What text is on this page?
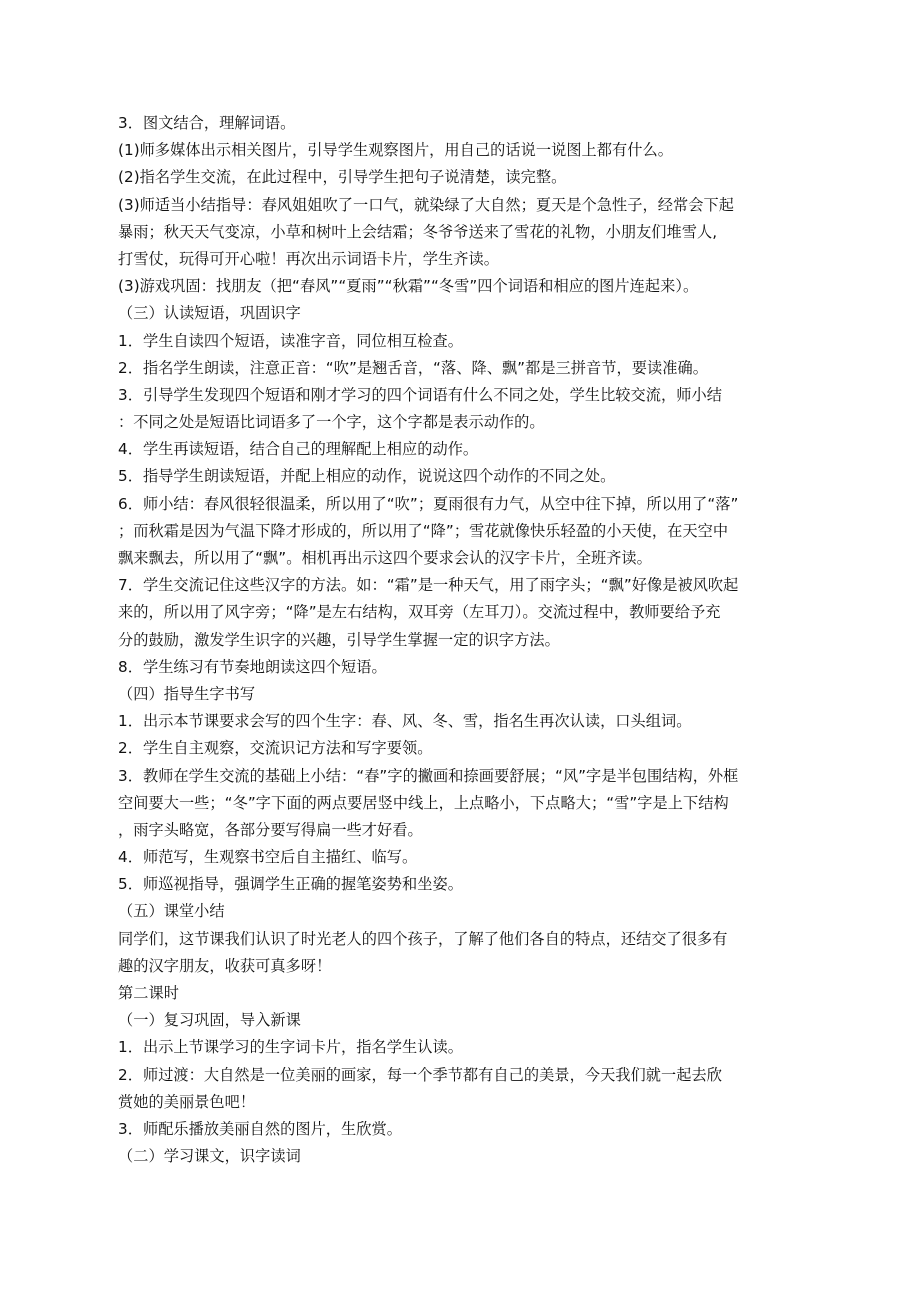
3．图文结合，理解词语。
(1)师多媒体出示相关图片，引导学生观察图片，用自己的话说一说图上都有什么。
(2)指名学生交流，在此过程中，引导学生把句子说清楚，读完整。
(3)师适当小结指导：春风姐姐吹了一口气，就染绿了大自然；夏天是个急性子，经常会下起
暴雨；秋天天气变凉，小草和树叶上会结霜；冬爷爷送来了雪花的礼物，小朋友们堆雪人,
打雪仗，玩得可开心啦！再次出示词语卡片，学生齐读。
(3)游戏巩固：找朋友（把“春风”“夏雨”“秋霜”“冬雪”四个词语和相应的图片连起来）。
（三）认读短语，巩固识字
1．学生自读四个短语，读准字音，同位相互检查。
2．指名学生朗读，注意正音：“吹”是翘舌音，“落、降、飘”都是三拼音节，要读准确。
3．引导学生发现四个短语和刚才学习的四个词语有什么不同之处，学生比较交流，师小结
：不同之处是短语比词语多了一个字，这个字都是表示动作的。
4．学生再读短语，结合自己的理解配上相应的动作。
5．指导学生朗读短语，并配上相应的动作，说说这四个动作的不同之处。
6．师小结：春风很轻很温柔，所以用了“吹”；夏雨很有力气，从空中往下掉，所以用了“落”
；而秋霜是因为气温下降才形成的，所以用了“降”；雪花就像快乐轻盈的小天使，在天空中
飘来飘去，所以用了“飘”。相机再出示这四个要求会认的汉字卡片，全班齐读。
7．学生交流记住这些汉字的方法。如：“霜”是一种天气，用了雨字头；“飘”好像是被风吹起
来的，所以用了风字旁；“降”是左右结构，双耳旁（左耳刀）。交流过程中，教师要给予充
分的鼓励，激发学生识字的兴趣，引导学生掌握一定的识字方法。
8．学生练习有节奏地朗读这四个短语。
（四）指导生字书写
1．出示本节课要求会写的四个生字：春、风、冬、雪，指名生再次认读，口头组词。
2．学生自主观察，交流识记方法和写字要领。
3．教师在学生交流的基础上小结：“春”字的撇画和捺画要舒展；“风”字是半包围结构，外框
空间要大一些；“冬”字下面的两点要居竖中线上，上点略小，下点略大；“雪”字是上下结构
，雨字头略宽，各部分要写得扁一些才好看。
4．师范写，生观察书空后自主描红、临写。
5．师巡视指导，强调学生正确的握笔姿势和坐姿。
（五）课堂小结
同学们，这节课我们认识了时光老人的四个孩子，了解了他们各自的特点，还结交了很多有
趣的汉字朋友，收获可真多呀！
第二课时
（一）复习巩固，导入新课
1．出示上节课学习的生字词卡片，指名学生认读。
2．师过渡：大自然是一位美丽的画家，每一个季节都有自己的美景，今天我们就一起去欣
赏她的美丽景色吧！
3．师配乐播放美丽自然的图片，生欣赏。
（二）学习课文，识字读词
